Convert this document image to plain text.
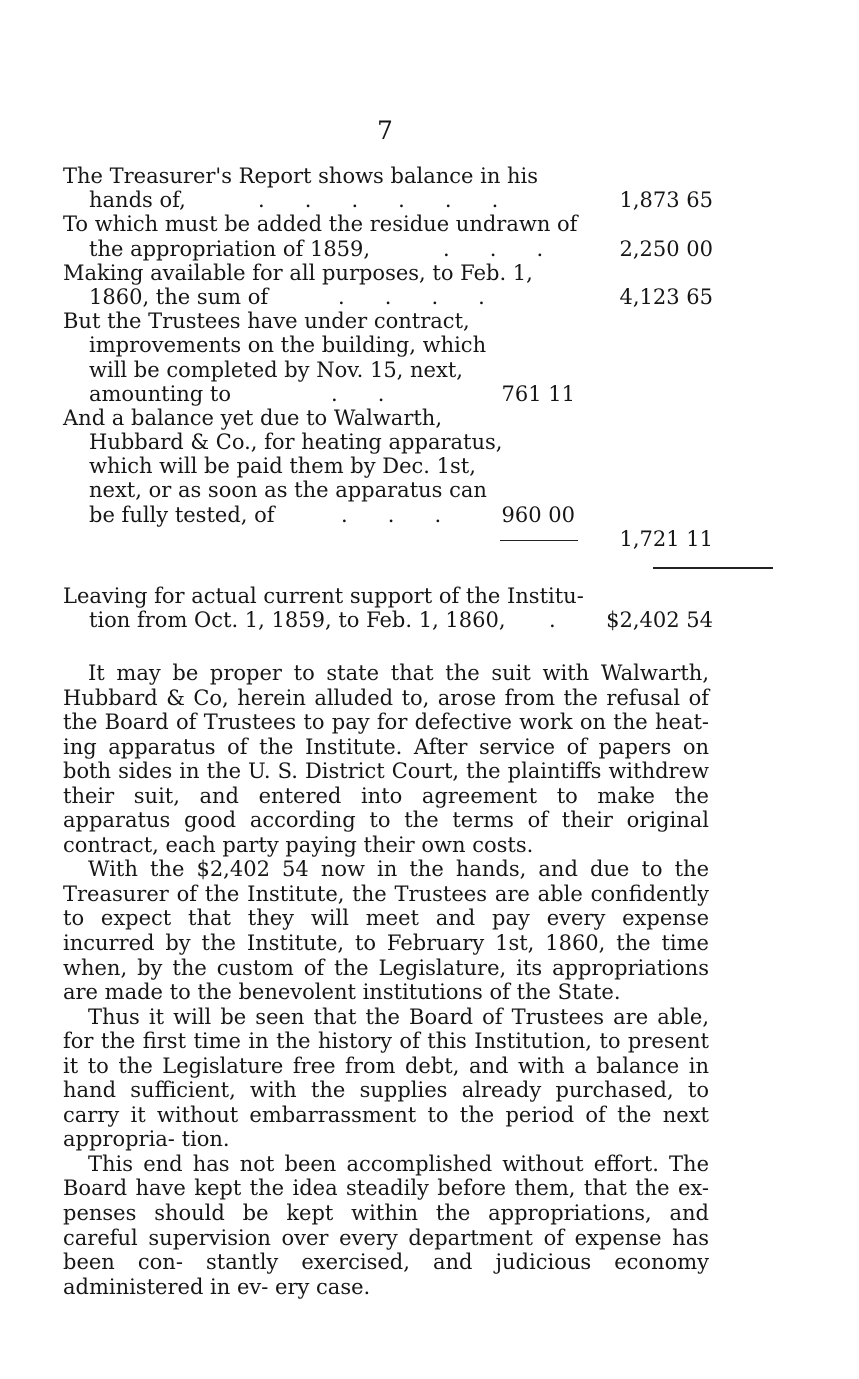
7
The Treasurer's Report shows balance in his
hands of,	.      .      .      .      .      .	1,873 65
To which must be added the residue undrawn of
the appropriation of 1859,	.      .      .	2,250 00
Making available for all purposes, to Feb. 1,
1860, the sum of	.      .      .      .	4,123 65
But the Trustees have under contract,
improvements on the building, which
will be completed by Nov. 15, next,
amounting to	.      .	761 11
And a balance yet due to Walwarth,
Hubbard & Co., for heating apparatus,
which will be paid them by Dec. 1st,
next, or as soon as the apparatus can
be fully tested, of	.      .      .	960 00
1,721 11
Leaving for actual current support of the Institu-
tion from Oct. 1, 1859, to Feb. 1, 1860, . $2,402 54

It may be proper to state that the suit with Walwarth, Hubbard & Co, herein alluded to, arose from the refusal of the Board of Trustees to pay for defective work on the heat- ing apparatus of the Institute. After service of papers on both sides in the U. S. District Court, the plaintiffs withdrew their suit, and entered into agreement to make the apparatus good according to the terms of their original contract, each party paying their own costs.

With the $2,402 54 now in the hands, and due to the Treasurer of the Institute, the Trustees are able confidently to expect that they will meet and pay every expense incurred by the Institute, to February 1st, 1860, the time when, by the custom of the Legislature, its appropriations are made to the benevolent institutions of the State.

Thus it will be seen that the Board of Trustees are able, for the first time in the history of this Institution, to present it to the Legislature free from debt, and with a balance in hand sufficient, with the supplies already purchased, to carry it without embarrassment to the period of the next appropria- tion.

This end has not been accomplished without effort. The Board have kept the idea steadily before them, that the ex- penses should be kept within the appropriations, and careful supervision over every department of expense has been con- stantly exercised, and judicious economy administered in ev- ery case.
